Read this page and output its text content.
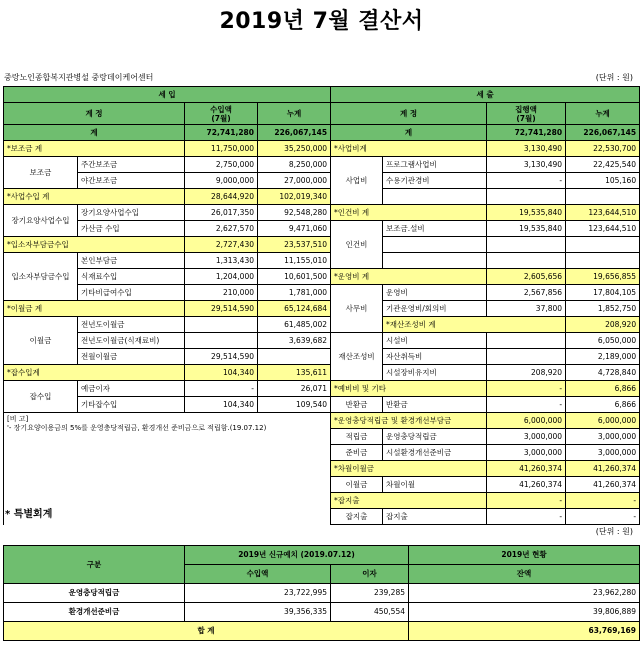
2019년 7월 결산서
중랑노인종합복지관병설 중랑데이케어센터	(단위 : 원)
세 입				세 출				
계 정		수입액
(7월)	누계	계 정		집행액
(7월)	누계	
계		72,741,280	226,067,145	계		72,741,280	226,067,145	
*보조금 계		11,750,000	35,250,000	*사업비계		3,130,490	22,530,700	
보조금	주간보조금	2,750,000	8,250,000	사업비	프로그램사업비	3,130,490	22,425,540	
	야간보조금	9,000,000	27,000,000		수용기관경비	-	105,160	
*사업수입 계		28,644,920	102,019,340					
장기요양사업수입	장기요양사업수입	26,017,350	92,548,280	*인건비 계		19,535,840	123,644,510	
	가산금 수입	2,627,570	9,471,060	인건비	보조금.설비	19,535,840	123,644,510	
*입소자부담금수입		2,727,430	23,537,510					
입소자부담금수입	본인부담금	1,313,430	11,155,010					
	식재료수입	1,204,000	10,601,500	*운영비 계		2,605,656	19,656,855	
	기타비급여수입	210,000	1,781,000	사무비	운영비	2,567,856	17,804,105	
*이월금 계		29,514,590	65,124,684		기관운영비/회의비	37,800	1,852,750	
이월금	전년도이월금		61,485,002		*재산조성비 계		208,920	
	전년도이월금(식재료비)		3,639,682	재산조성비	시설비		6,050,000	
	전월이월금	29,514,590			자산취득비		2,189,000	
*잡수입계		104,340	135,611		시설장비유지비	208,920	4,728,840	
잡수입	예금이자	-	26,071	*예비비 및 기타		-	6,866	
	기타잡수입	104,340	109,540	반환금	반환금	-	6,866	

[비 고]
'- 장기요양이용금의 5%를 운영충당적립금, 환경개선 준비금으로 적립함.(19.07.12)				*운영충당적립금 및 환경개선부담금		6,000,000	6,000,000	
				적립금	운영충당적립금	3,000,000	3,000,000	
				준비금	시설환경개선준비금	3,000,000	3,000,000	
				*차월이월금		41,260,374	41,260,374	
				이월금	차월이월	41,260,374	41,260,374	
				*잡지출		-	-	
				잡지출	잡지출	-	-	
* 특별회계
(단위 : 원)
구분	2019년 신규예치 (2019.07.12)		2019년 현황
	수입액	이자	잔액
운영충당적립금	23,722,995	239,285	23,962,280
환경개선준비금	39,356,335	450,554	39,806,889
합 계			63,769,169
